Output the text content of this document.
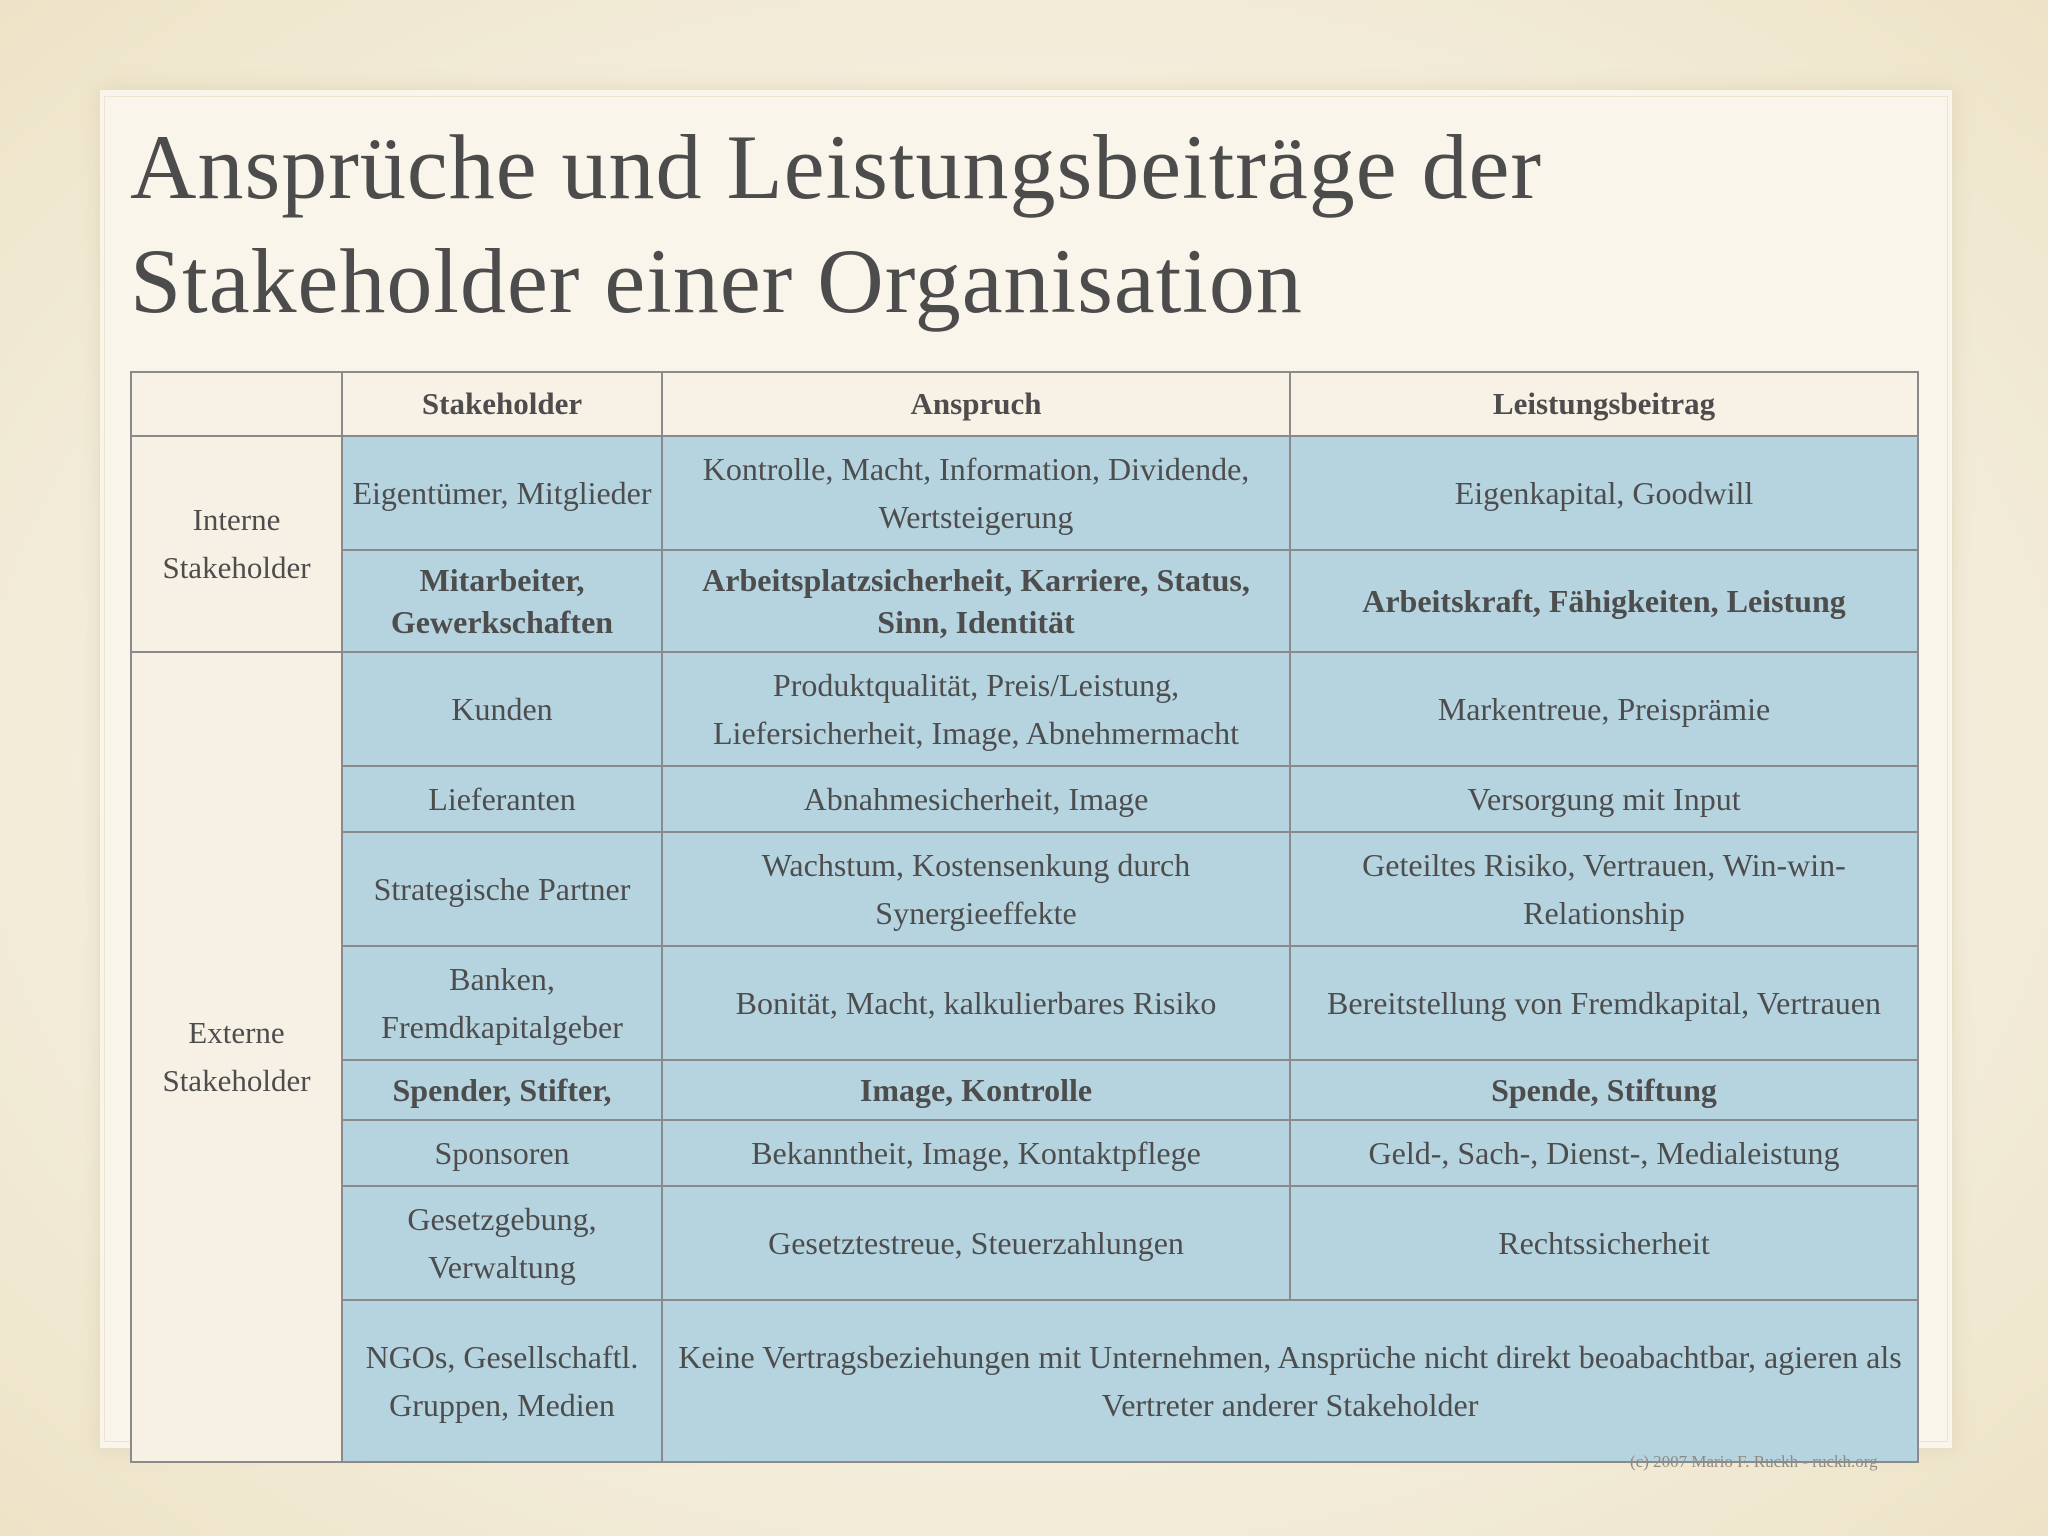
Ansprüche und Leistungsbeiträge der
Stakeholder einer Organisation
	Stakeholder	Anspruch	Leistungsbeitrag
Interne Stakeholder	Eigentümer, Mitglieder	Kontrolle, Macht, Information, Dividende, Wertsteigerung	Eigenkapital, Goodwill
	Mitarbeiter, Gewerkschaften	Arbeitsplatzsicherheit, Karriere, Status, Sinn, Identität	Arbeitskraft, Fähigkeiten, Leistung
Externe Stakeholder	Kunden	Produktqualität, Preis/Leistung, Liefersicherheit, Image, Abnehmermacht	Markentreue, Preisprämie
	Lieferanten	Abnahmesicherheit, Image	Versorgung mit Input
	Strategische Partner	Wachstum, Kostensenkung durch Synergieeffekte	Geteiltes Risiko, Vertrauen, Win-win-Relationship
	Banken, Fremdkapitalgeber	Bonität, Macht, kalkulierbares Risiko	Bereitstellung von Fremdkapital, Vertrauen
	Spender, Stifter,	Image, Kontrolle	Spende, Stiftung
	Sponsoren	Bekanntheit, Image, Kontaktpflege	Geld-, Sach-, Dienst-, Medialeistung
	Gesetzgebung, Verwaltung	Gesetztestreue, Steuerzahlungen	Rechtssicherheit
	NGOs, Gesellschaftl. Gruppen, Medien	Keine Vertragsbeziehungen mit Unternehmen, Ansprüche nicht direkt beoabachtbar, agieren als Vertreter anderer Stakeholder	
(c) 2007 Mario F. Ruckh - ruckh.org
